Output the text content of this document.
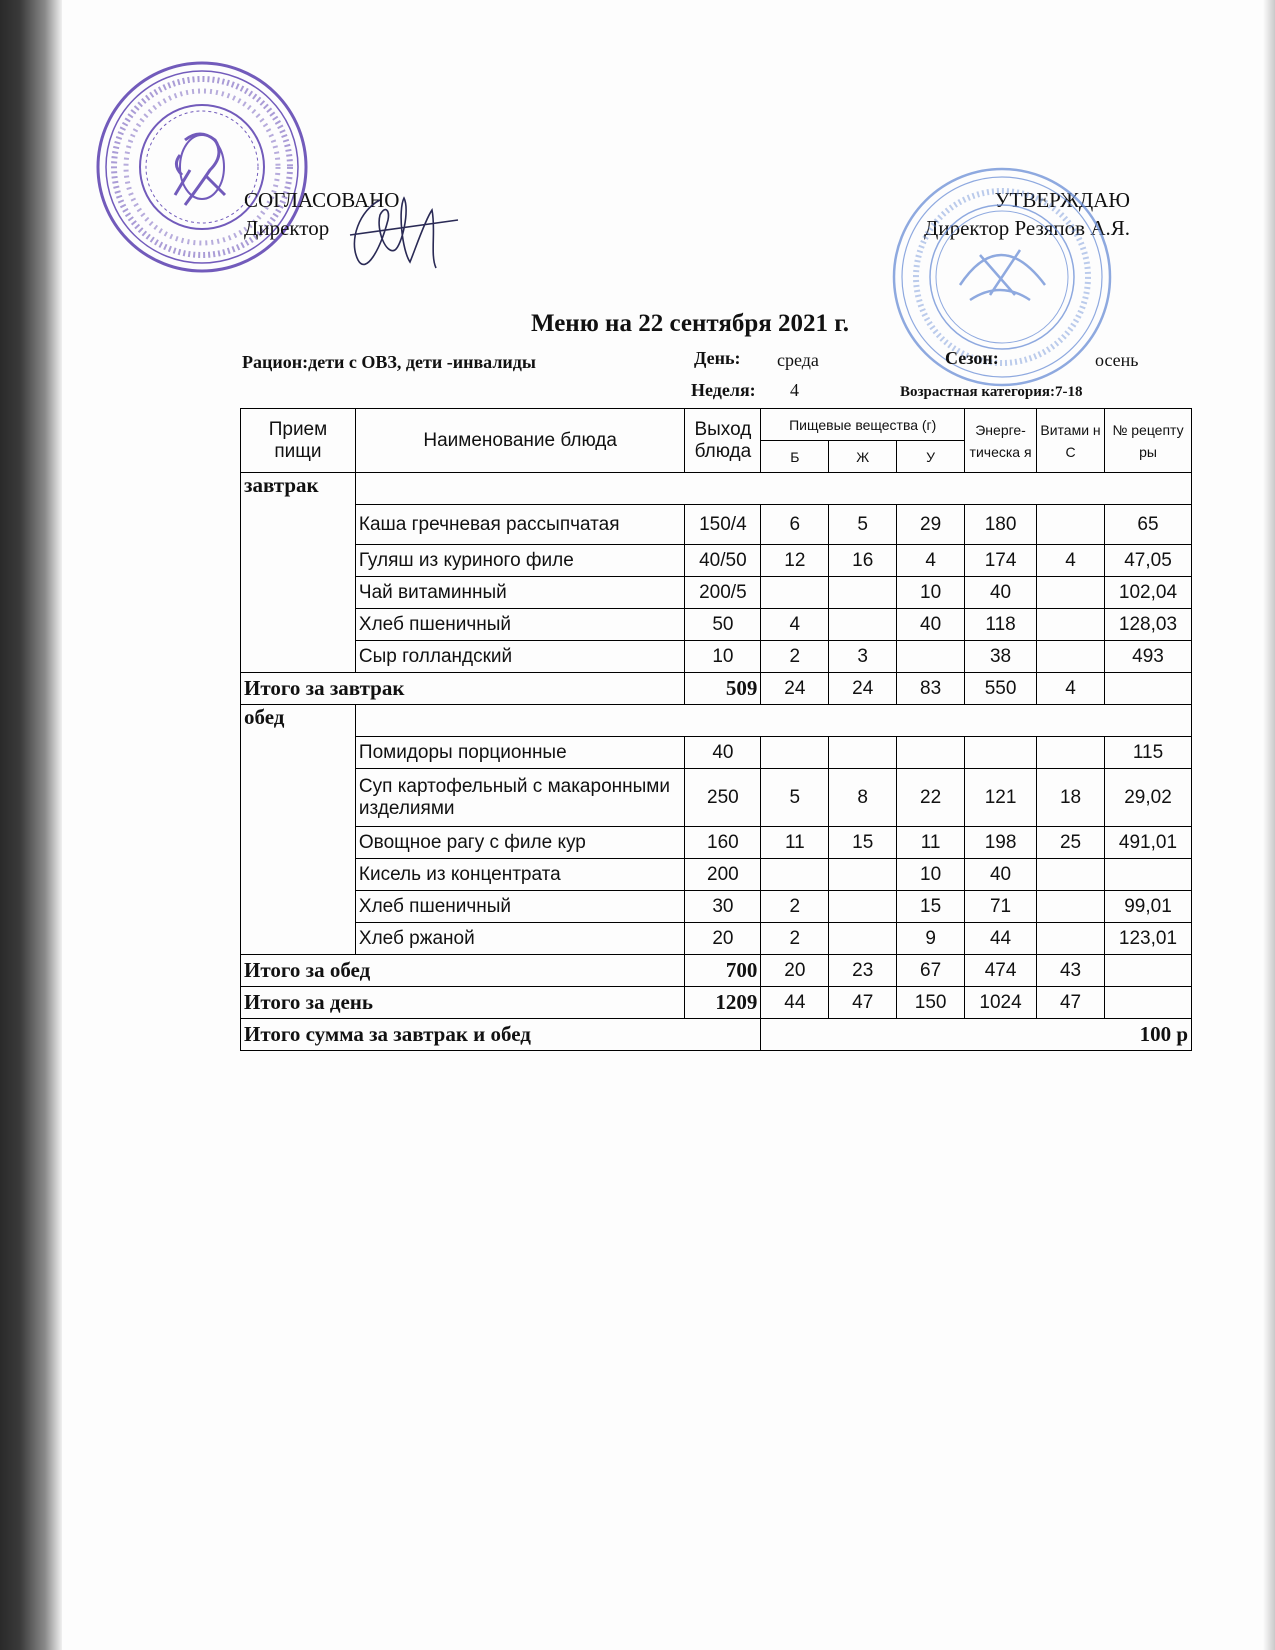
СОГЛАСОВАНО
Директор
УТВЕРЖДАЮ
Директор Резяпов А.Я.
Меню на 22 сентября 2021 г.
Рацион:дети с ОВЗ, дети -инвалиды	День: среда	Сезон:	осень
Неделя: 4	Возрастная категория:7-18
Прием пищи	Наименование блюда	Выход блюда	Пищевые вещества (г)			Энерге-тическа я	Витами н С	№ рецепту ры
			Б	Ж	У			
завтрак								
	Каша гречневая рассыпчатая	150/4	6	5	29	180		65
	Гуляш из куриного филе	40/50	12	16	4	174	4	47,05
	Чай витаминный	200/5			10	40		102,04
	Хлеб пшеничный	50	4		40	118		128,03
	Сыр голландский	10	2	3		38		493
Итого за завтрак		509	24	24	83	550	4	
обед								
	Помидоры порционные	40						115
	Суп картофельный с макаронными изделиями	250	5	8	22	121	18	29,02
	Овощное рагу с филе кур	160	11	15	11	198	25	491,01
	Кисель из концентрата	200			10	40		
	Хлеб пшеничный	30	2		15	71		99,01
	Хлеб ржаной	20	2		9	44		123,01
Итого за обед		700	20	23	67	474	43	
Итого за день		1209	44	47	150	1024	47	
Итого сумма за завтрак и обед			100 р					
